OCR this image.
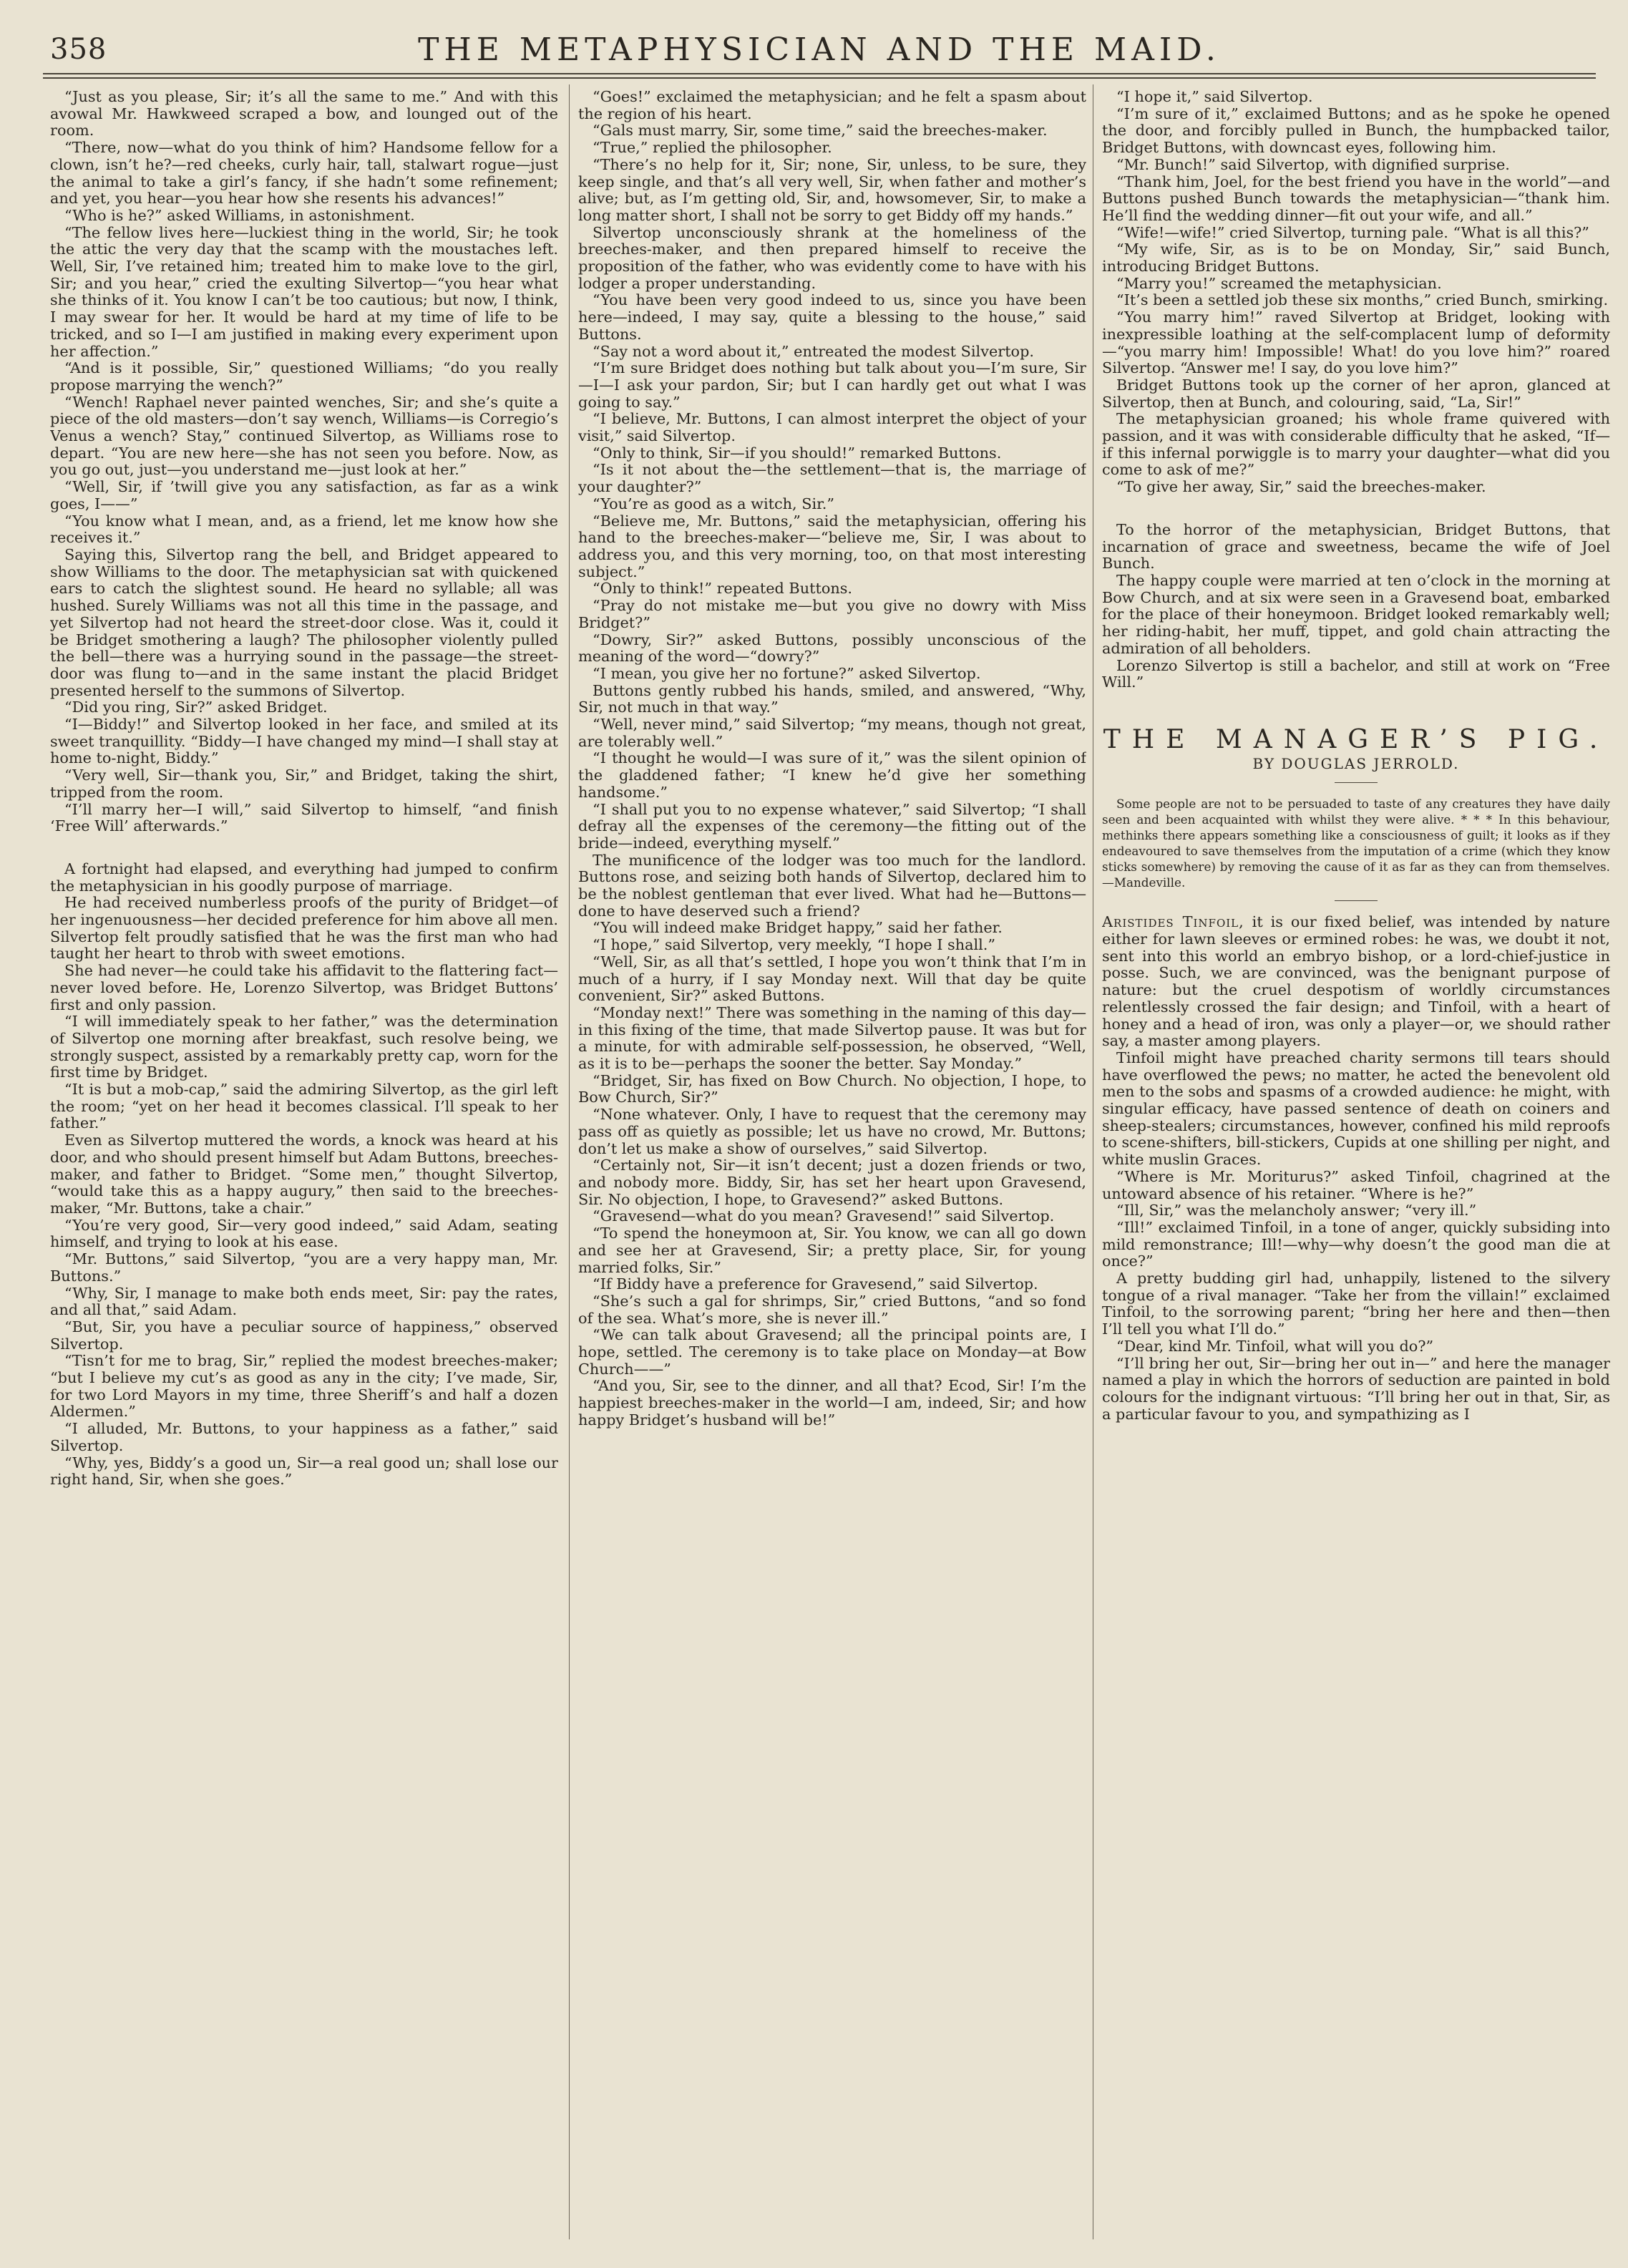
358	THE METAPHYSICIAN AND THE MAID.

“Just as you please, Sir; it’s all the same to me.” And with this avowal Mr. Hawkweed scraped a bow, and lounged out of the room.

“There, now—what do you think of him? Handsome fellow for a clown, isn’t he?—red cheeks, curly hair, tall, stalwart rogue—just the animal to take a girl’s fancy, if she hadn’t some refinement; and yet, you hear—you hear how she resents his advances!”

“Who is he?” asked Williams, in astonishment.

“The fellow lives here—luckiest thing in the world, Sir; he took the attic the very day that the scamp with the moustaches left. Well, Sir, I’ve retained him; treated him to make love to the girl, Sir; and you hear,” cried the exulting Silvertop—“you hear what she thinks of it. You know I can’t be too cautious; but now, I think, I may swear for her. It would be hard at my time of life to be tricked, and so I—I am justified in making every experiment upon her affection.”

“And is it possible, Sir,” questioned Williams; “do you really propose marrying the wench?”

“Wench! Raphael never painted wenches, Sir; and she’s quite a piece of the old masters—don’t say wench, Williams—is Corregio’s Venus a wench? Stay,” continued Silvertop, as Williams rose to depart. “You are new here—she has not seen you before. Now, as you go out, just—you understand me—just look at her.”

“Well, Sir, if ’twill give you any satisfaction, as far as a wink goes, I——”

“You know what I mean, and, as a friend, let me know how she receives it.”

Saying this, Silvertop rang the bell, and Bridget appeared to show Williams to the door. The metaphysician sat with quickened ears to catch the slightest sound. He heard no syllable; all was hushed. Surely Williams was not all this time in the passage, and yet Silvertop had not heard the street-door close. Was it, could it be Bridget smothering a laugh? The philosopher violently pulled the bell—there was a hurrying sound in the passage—the street-door was flung to—and in the same instant the placid Bridget presented herself to the summons of Silvertop.

“Did you ring, Sir?” asked Bridget.

“I—Biddy!” and Silvertop looked in her face, and smiled at its sweet tranquillity. “Biddy—I have changed my mind—I shall stay at home to-night, Biddy.”

“Very well, Sir—thank you, Sir,” and Bridget, taking the shirt, tripped from the room.

“I’ll marry her—I will,” said Silvertop to himself, “and finish ‘Free Will’ afterwards.”

A fortnight had elapsed, and everything had jumped to confirm the metaphysician in his goodly purpose of marriage.

He had received numberless proofs of the purity of Bridget—of her ingenuousness—her decided preference for him above all men. Silvertop felt proudly satisfied that he was the first man who had taught her heart to throb with sweet emotions.

She had never—he could take his affidavit to the flattering fact—never loved before. He, Lorenzo Silvertop, was Bridget Buttons’ first and only passion.

“I will immediately speak to her father,” was the determination of Silvertop one morning after breakfast, such resolve being, we strongly suspect, assisted by a remarkably pretty cap, worn for the first time by Bridget.

“It is but a mob-cap,” said the admiring Silvertop, as the girl left the room; “yet on her head it becomes classical. I’ll speak to her father.”

Even as Silvertop muttered the words, a knock was heard at his door, and who should present himself but Adam Buttons, breeches-maker, and father to Bridget. “Some men,” thought Silvertop, “would take this as a happy augury,” then said to the breeches-maker, “Mr. Buttons, take a chair.”

“You’re very good, Sir—very good indeed,” said Adam, seating himself, and trying to look at his ease.

“Mr. Buttons,” said Silvertop, “you are a very happy man, Mr. Buttons.”

“Why, Sir, I manage to make both ends meet, Sir: pay the rates, and all that,” said Adam.

“But, Sir, you have a peculiar source of happiness,” observed Silvertop.

“Tisn’t for me to brag, Sir,” replied the modest breeches-maker; “but I believe my cut’s as good as any in the city; I’ve made, Sir, for two Lord Mayors in my time, three Sheriff’s and half a dozen Aldermen.”

“I alluded, Mr. Buttons, to your happiness as a father,” said Silvertop.

“Why, yes, Biddy’s a good un, Sir—a real good un; shall lose our right hand, Sir, when she goes.”

“Goes!” exclaimed the metaphysician; and he felt a spasm about the region of his heart.

“Gals must marry, Sir, some time,” said the breeches-maker.

“True,” replied the philosopher.

“There’s no help for it, Sir; none, Sir, unless, to be sure, they keep single, and that’s all very well, Sir, when father and mother’s alive; but, as I’m getting old, Sir, and, howsomever, Sir, to make a long matter short, I shall not be sorry to get Biddy off my hands.”

Silvertop unconsciously shrank at the homeliness of the breeches-maker, and then prepared himself to receive the proposition of the father, who was evidently come to have with his lodger a proper understanding.

“You have been very good indeed to us, since you have been here—indeed, I may say, quite a blessing to the house,” said Buttons.

“Say not a word about it,” entreated the modest Silvertop.

“I’m sure Bridget does nothing but talk about you—I’m sure, Sir—I—I ask your pardon, Sir; but I can hardly get out what I was going to say.”

“I believe, Mr. Buttons, I can almost interpret the object of your visit,” said Silvertop.

“Only to think, Sir—if you should!” remarked Buttons.

“Is it not about the—the settlement—that is, the marriage of your daughter?”

“You’re as good as a witch, Sir.”

“Believe me, Mr. Buttons,” said the metaphysician, offering his hand to the breeches-maker—“believe me, Sir, I was about to address you, and this very morning, too, on that most interesting subject.”

“Only to think!” repeated Buttons.

“Pray do not mistake me—but you give no dowry with Miss Bridget?”

“Dowry, Sir?” asked Buttons, possibly unconscious of the meaning of the word—“dowry?”

“I mean, you give her no fortune?” asked Silvertop.

Buttons gently rubbed his hands, smiled, and answered, “Why, Sir, not much in that way.”

“Well, never mind,” said Silvertop; “my means, though not great, are tolerably well.”

“I thought he would—I was sure of it,” was the silent opinion of the gladdened father; “I knew he’d give her something handsome.”

“I shall put you to no expense whatever,” said Silvertop; “I shall defray all the expenses of the ceremony—the fitting out of the bride—indeed, everything myself.”

The munificence of the lodger was too much for the landlord. Buttons rose, and seizing both hands of Silvertop, declared him to be the noblest gentleman that ever lived. What had he—Buttons—done to have deserved such a friend?

“You will indeed make Bridget happy,” said her father.

“I hope,” said Silvertop, very meekly, “I hope I shall.”

“Well, Sir, as all that’s settled, I hope you won’t think that I’m in much of a hurry, if I say Monday next. Will that day be quite convenient, Sir?” asked Buttons.

“Monday next!” There was something in the naming of this day—in this fixing of the time, that made Silvertop pause. It was but for a minute, for with admirable self-possession, he observed, “Well, as it is to be—perhaps the sooner the better. Say Monday.”

“Bridget, Sir, has fixed on Bow Church. No objection, I hope, to Bow Church, Sir?”

“None whatever. Only, I have to request that the ceremony may pass off as quietly as possible; let us have no crowd, Mr. Buttons; don’t let us make a show of ourselves,” said Silvertop.

“Certainly not, Sir—it isn’t decent; just a dozen friends or two, and nobody more. Biddy, Sir, has set her heart upon Gravesend, Sir. No objection, I hope, to Gravesend?” asked Buttons.

“Gravesend—what do you mean? Gravesend!” said Silvertop.

“To spend the honeymoon at, Sir. You know, we can all go down and see her at Gravesend, Sir; a pretty place, Sir, for young married folks, Sir.”

“If Biddy have a preference for Gravesend,” said Silvertop.

“She’s such a gal for shrimps, Sir,” cried Buttons, “and so fond of the sea. What’s more, she is never ill.”

“We can talk about Gravesend; all the principal points are, I hope, settled. The ceremony is to take place on Monday—at Bow Church——”

“And you, Sir, see to the dinner, and all that? Ecod, Sir! I’m the happiest breeches-maker in the world—I am, indeed, Sir; and how happy Bridget’s husband will be!”

“I hope it,” said Silvertop.

“I’m sure of it,” exclaimed Buttons; and as he spoke he opened the door, and forcibly pulled in Bunch, the humpbacked tailor, Bridget Buttons, with downcast eyes, following him.

“Mr. Bunch!” said Silvertop, with dignified surprise.

“Thank him, Joel, for the best friend you have in the world”—and Buttons pushed Bunch towards the metaphysician—“thank him. He’ll find the wedding dinner—fit out your wife, and all.”

“Wife!—wife!” cried Silvertop, turning pale. “What is all this?”

“My wife, Sir, as is to be on Monday, Sir,” said Bunch, introducing Bridget Buttons.

“Marry you!” screamed the metaphysician.

“It’s been a settled job these six months,” cried Bunch, smirking.

“You marry him!” raved Silvertop at Bridget, looking with inexpressible loathing at the self-complacent lump of deformity—“you marry him! Impossible! What! do you love him?” roared Silvertop. “Answer me! I say, do you love him?”

Bridget Buttons took up the corner of her apron, glanced at Silvertop, then at Bunch, and colouring, said, “La, Sir!”

The metaphysician groaned; his whole frame quivered with passion, and it was with considerable difficulty that he asked, “If—if this infernal porwiggle is to marry your daughter—what did you come to ask of me?”

“To give her away, Sir,” said the breeches-maker.

To the horror of the metaphysician, Bridget Buttons, that incarnation of grace and sweetness, became the wife of Joel Bunch.

The happy couple were married at ten o’clock in the morning at Bow Church, and at six were seen in a Gravesend boat, embarked for the place of their honeymoon. Bridget looked remarkably well; her riding-habit, her muff, tippet, and gold chain attracting the admiration of all beholders.

Lorenzo Silvertop is still a bachelor, and still at work on “Free Will.”

THE MANAGER’S PIG.
BY DOUGLAS JERROLD.

Some people are not to be persuaded to taste of any creatures they have daily seen and been acquainted with whilst they were alive. * * * In this behaviour, methinks there appears something like a consciousness of guilt; it looks as if they endeavoured to save themselves from the imputation of a crime (which they know sticks somewhere) by removing the cause of it as far as they can from themselves.—Mandeville.

Aristides Tinfoil, it is our fixed belief, was intended by nature either for lawn sleeves or ermined robes: he was, we doubt it not, sent into this world an embryo bishop, or a lord-chief-justice in posse. Such, we are convinced, was the benignant purpose of nature: but the cruel despotism of worldly circumstances relentlessly crossed the fair design; and Tinfoil, with a heart of honey and a head of iron, was only a player—or, we should rather say, a master among players.

Tinfoil might have preached charity sermons till tears should have overflowed the pews; no matter, he acted the benevolent old men to the sobs and spasms of a crowded audience: he might, with singular efficacy, have passed sentence of death on coiners and sheep-stealers; circumstances, however, confined his mild reproofs to scene-shifters, bill-stickers, Cupids at one shilling per night, and white muslin Graces.

“Where is Mr. Moriturus?” asked Tinfoil, chagrined at the untoward absence of his retainer. “Where is he?”

“Ill, Sir,” was the melancholy answer; “very ill.”

“Ill!” exclaimed Tinfoil, in a tone of anger, quickly subsiding into mild remonstrance; Ill!—why—why doesn’t the good man die at once?”

A pretty budding girl had, unhappily, listened to the silvery tongue of a rival manager. “Take her from the villain!” exclaimed Tinfoil, to the sorrowing parent; “bring her here and then—then I’ll tell you what I’ll do.”

“Dear, kind Mr. Tinfoil, what will you do?”

“I’ll bring her out, Sir—bring her out in—” and here the manager named a play in which the horrors of seduction are painted in bold colours for the indignant virtuous: “I’ll bring her out in that, Sir, as a particular favour to you, and sympathizing as I
